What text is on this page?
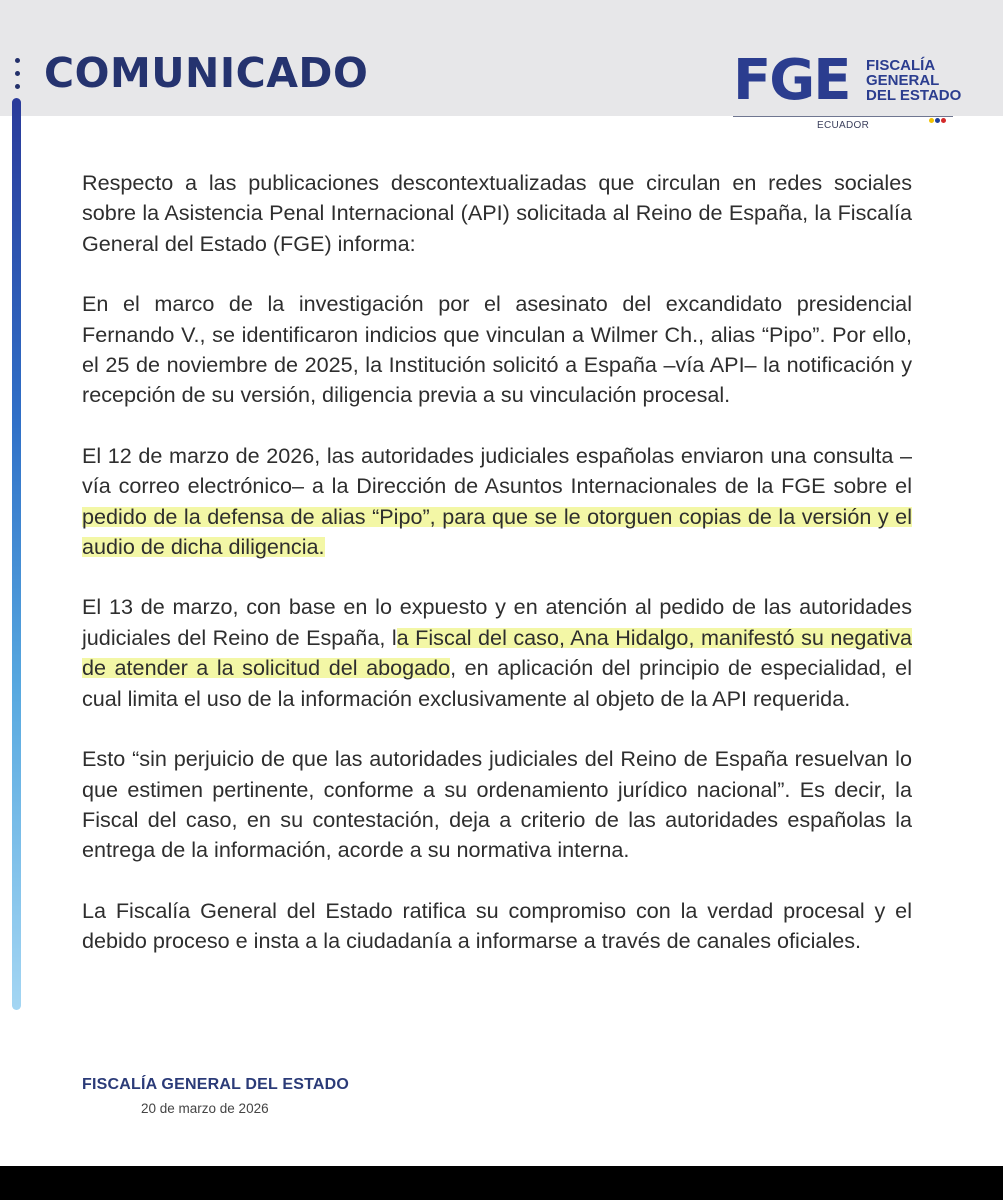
COMUNICADO	FGE FISCALÍA
GENERAL
DEL ESTADO
ECUADOR

Respecto a las publicaciones descontextualizadas que circulan en redes sociales sobre la Asistencia Penal Internacional (API) solicitada al Reino de España, la Fiscalía General del Estado (FGE) informa:

En el marco de la investigación por el asesinato del excandidato presidencial Fernando V., se identificaron indicios que vinculan a Wilmer Ch., alias “Pipo”. Por ello, el 25 de noviembre de 2025, la Institución solicitó a España –vía API– la notificación y recepción de su versión, diligencia previa a su vinculación procesal.

El 12 de marzo de 2026, las autoridades judiciales españolas enviaron una consulta –vía correo electrónico– a la Dirección de Asuntos Internacionales de la FGE sobre el pedido de la defensa de alias “Pipo”, para que se le otorguen copias de la versión y el audio de dicha diligencia.

El 13 de marzo, con base en lo expuesto y en atención al pedido de las autoridades judiciales del Reino de España, la Fiscal del caso, Ana Hidalgo, manifestó su negativa de atender a la solicitud del abogado, en aplicación del principio de especialidad, el cual limita el uso de la información exclusivamente al objeto de la API requerida.

Esto “sin perjuicio de que las autoridades judiciales del Reino de España resuelvan lo que estimen pertinente, conforme a su ordenamiento jurídico nacional”. Es decir, la Fiscal del caso, en su contestación, deja a criterio de las autoridades españolas la entrega de la información, acorde a su normativa interna.

La Fiscalía General del Estado ratifica su compromiso con la verdad procesal y el debido proceso e insta a la ciudadanía a informarse a través de canales oficiales.

FISCALÍA GENERAL DEL ESTADO
20 de marzo de 2026
